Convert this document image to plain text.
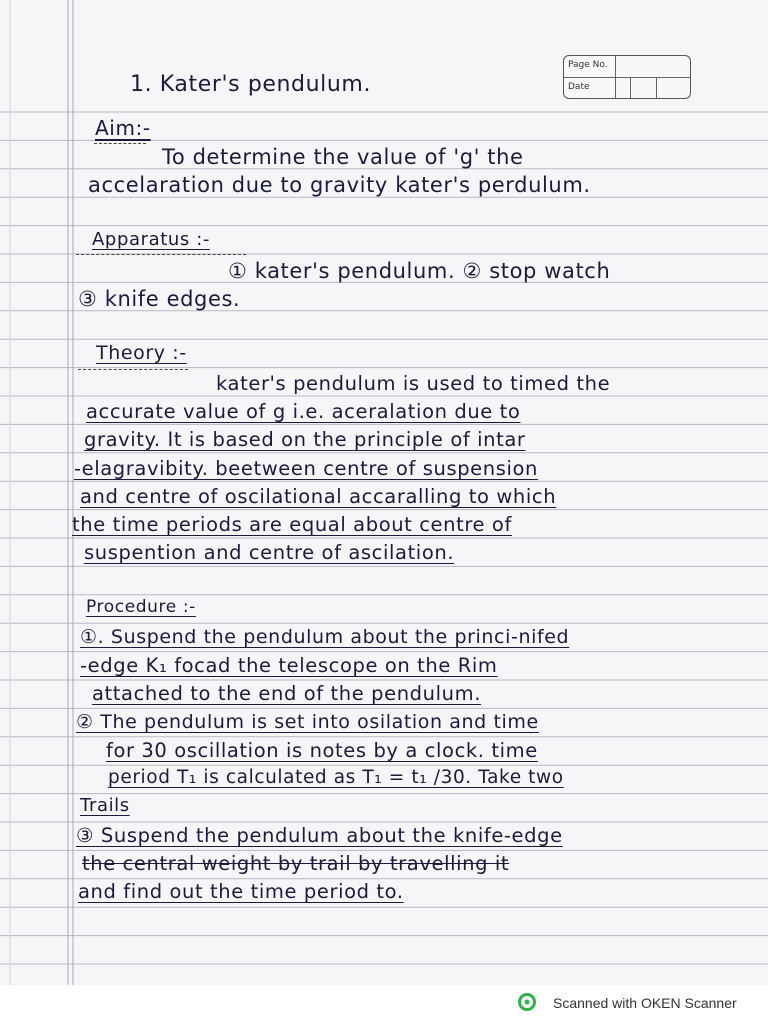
Page No.
Date
1. Kater's pendulum.
Aim:-
To determine the value of 'g' the
accelaration due to gravity kater's perdulum.
Apparatus :-
① kater's pendulum. ② stop watch
③ knife edges.
Theory :-
kater's pendulum is used to timed the
accurate value of g i.e. aceralation due to
gravity. It is based on the principle of intar
-elagravibity. beetween centre of suspension
and centre of oscilational accaralling to which
the time periods are equal about centre of
suspention and centre of ascilation.
Procedure :-
①. Suspend the pendulum about the princi-nifed
-edge K₁ focad the telescope on the Rim
attached to the end of the pendulum.
② The pendulum is set into osilation and time
for 30 oscillation is notes by a clock. time
period T₁ is calculated as T₁ = t₁ /30. Take two
Trails
③ Suspend the pendulum about the knife-edge
the central weight by trail by travelling it
and find out the time period to.
Scanned with OKEN Scanner
